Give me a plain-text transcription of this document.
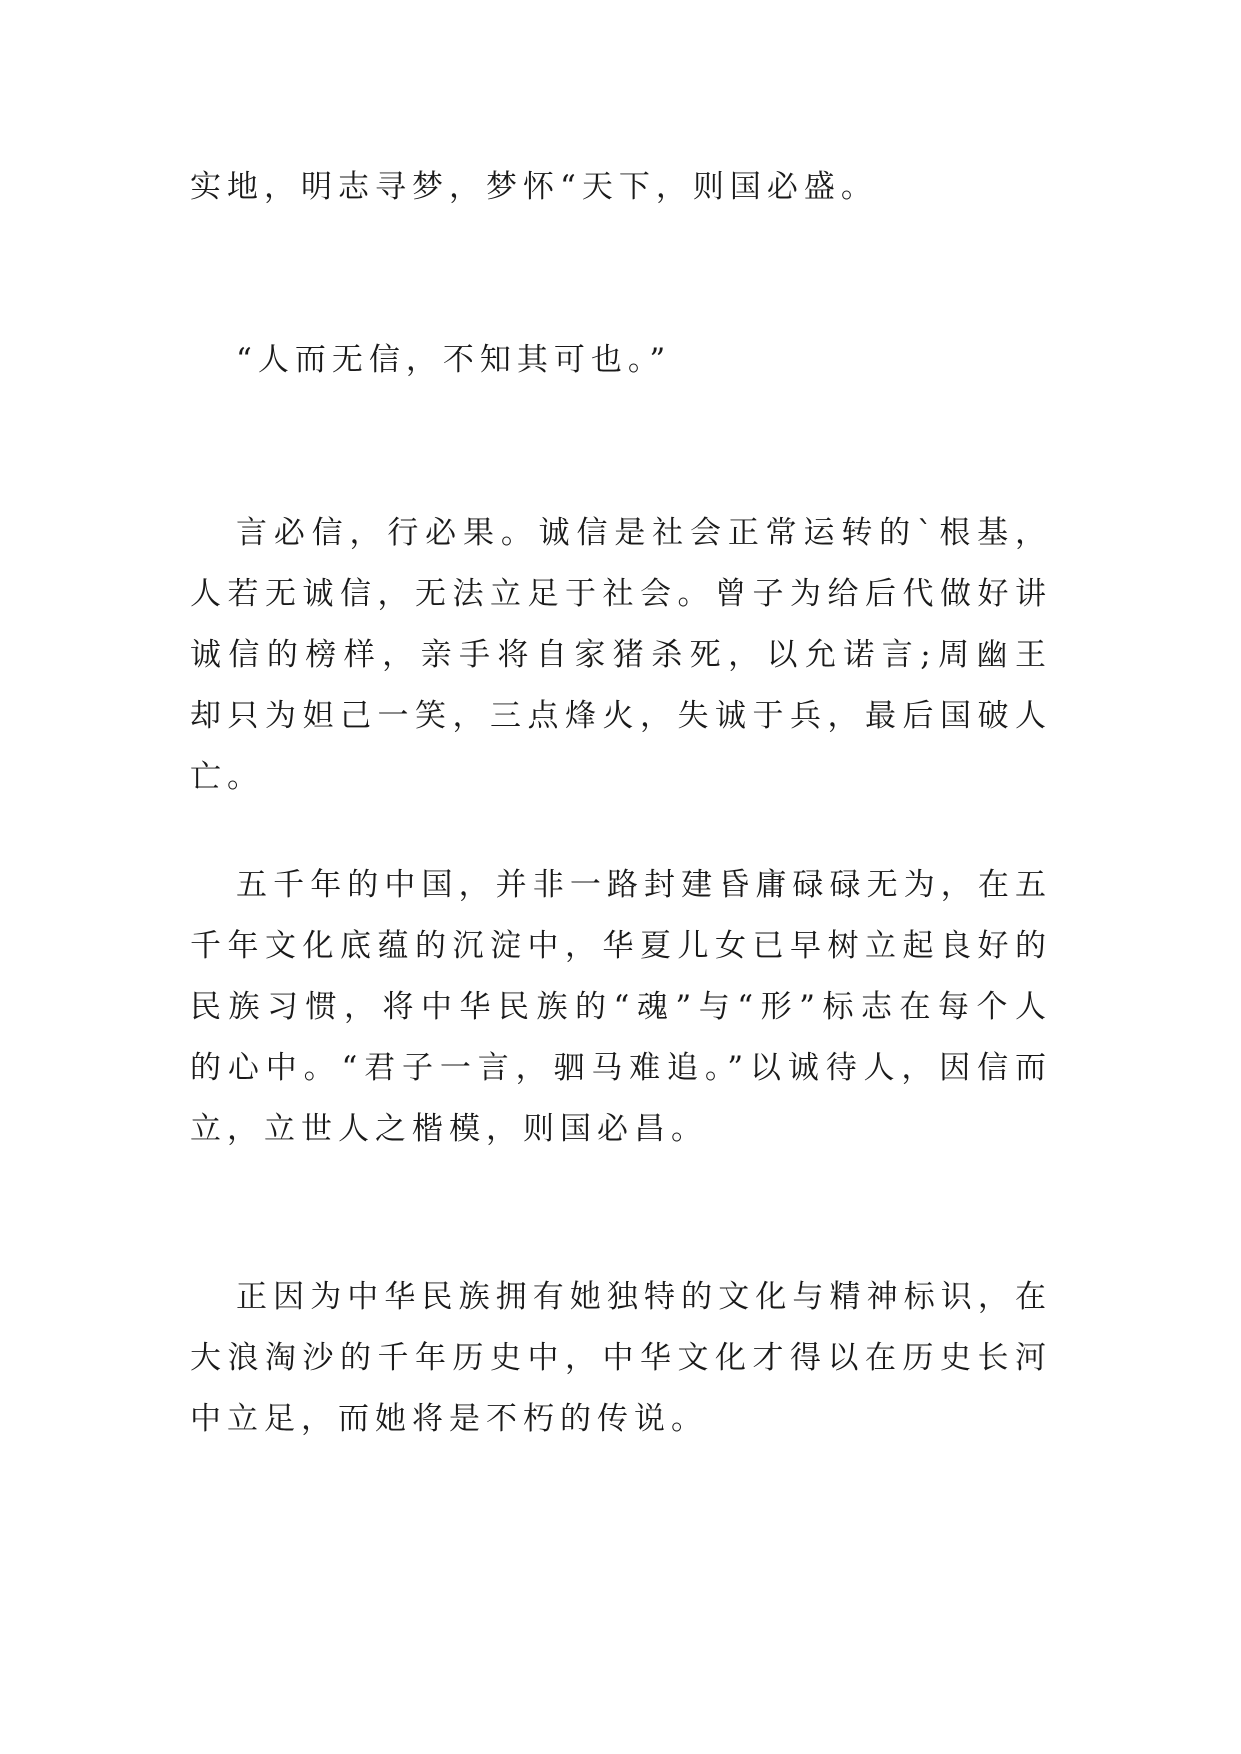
实地，明志寻梦，梦怀“天下，则国必盛。

“人而无信，不知其可也。”

言必信，行必果。诚信是社会正常运转的`根基，人若无诚信，无法立足于社会。曾子为给后代做好讲诚信的榜样，亲手将自家猪杀死，以允诺言;周幽王却只为妲己一笑，三点烽火，失诚于兵，最后国破人亡。

五千年的中国，并非一路封建昏庸碌碌无为，在五千年文化底蕴的沉淀中，华夏儿女已早树立起良好的民族习惯，将中华民族的“魂”与“形”标志在每个人的心中。“君子一言，驷马难追。”以诚待人，因信而立，立世人之楷模，则国必昌。

正因为中华民族拥有她独特的文化与精神标识，在大浪淘沙的千年历史中，中华文化才得以在历史长河中立足，而她将是不朽的传说。
